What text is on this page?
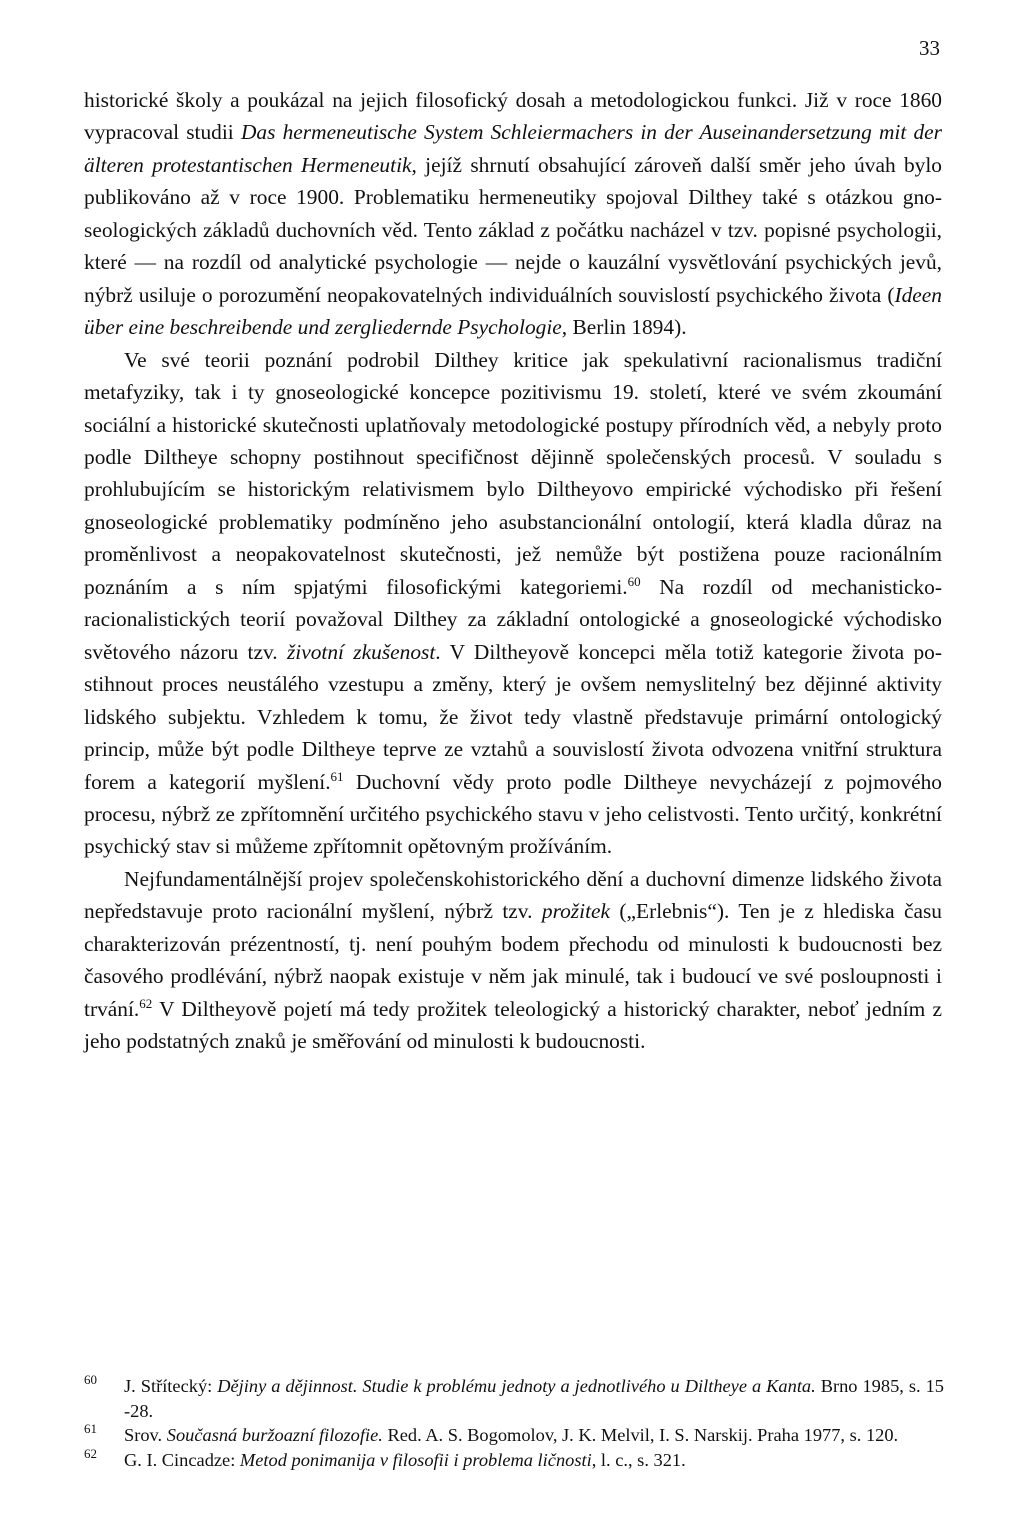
33

historické školy a poukázal na jejich filosofický dosah a metodologickou funkci. Již v roce 1860 vypracoval studii Das hermeneutische System Schleiermachers in der Auseinandersetzung mit der älteren protestantischen Hermeneutik, jejíž shrnutí obsahující zároveň další směr jeho úvah bylo publikováno až v roce 1900. Problematiku hermeneutiky spojoval Dilthey také s otázkou gnoseologických základů duchovních věd. Tento základ z počátku nacházel v tzv. popisné psychologii, které — na rozdíl od analytické psychologie — nejde o kauzální vysvětlování psychických jevů, nýbrž usiluje o porozumění neopakovatelných individuálních souvislostí psychického života (Ideen über eine beschreibende und zergliedernde Psychologie, Berlin 1894).

Ve své teorii poznání podrobil Dilthey kritice jak spekulativní racionalismus tradiční metafyziky, tak i ty gnoseologické koncepce pozitivismu 19. století, které ve svém zkoumání sociální a historické skutečnosti uplatňovaly metodologické postupy přírodních věd, a nebyly proto podle Diltheye schopny postihnout specifičnost dějinně společenských procesů. V souladu s prohlubujícím se historickým relativismem bylo Diltheyovo empirické východisko při řešení gnoseologické problematiky podmíněno jeho asubstancionální ontologií, která kladla důraz na proměnlivost a neopakovatelnost skutečnosti, jež nemůže být postižena pouze racionálním poznáním a s ním spjatými filosofickými kategoriemi.$^{60}$ Na rozdíl od mechanisticko-racionalistických teorií považoval Dilthey za základní ontologické a gnoseologické východisko světového názoru tzv. životní zkušenost. V Diltheyově koncepci měla totiž kategorie života postihnout proces neustálého vzestupu a změny, který je ovšem nemyslitelný bez dějinné aktivity lidského subjektu. Vzhledem k tomu, že život tedy vlastně představuje primární ontologický princip, může být podle Diltheye teprve ze vztahů a souvislostí života odvozena vnitřní struktura forem a kategorií myšlení.$^{61}$ Duchovní vědy proto podle Diltheye nevycházejí z pojmového procesu, nýbrž ze zpřítomnění určitého psychického stavu v jeho celistvosti. Tento určitý, konkrétní psychický stav si můžeme zpřítomnit opětovným prožíváním.

Nejfundamentálnější projev společenskohistorického dění a duchovní dimenze lidského života nepředstavuje proto racionální myšlení, nýbrž tzv. prožitek („Erlebnis“). Ten je z hlediska času charakterizován prézentností, tj. není pouhým bodem přechodu od minulosti k budoucnosti bez časového prodlévání, nýbrž naopak existuje v něm jak minulé, tak i budoucí ve své posloupnosti i trvání.$^{62}$ V Diltheyově pojetí má tedy prožitek teleologický a historický charakter, neboť jedním z jeho podstatných znaků je směřování od minulosti k budoucnosti.

60 J. Střítecký: Dějiny a dějinnost. Studie k problému jednoty a jednotlivého u Diltheye a Kanta. Brno 1985, s. 15 -28.
61 Srov. Současná buržoazní filozofie. Red. A. S. Bogomolov, J. K. Melvil, I. S. Narskij. Praha 1977, s. 120.
62 G. I. Cincadze: Metod ponimanija v filosofii i problema ličnosti, l. c., s. 321.
